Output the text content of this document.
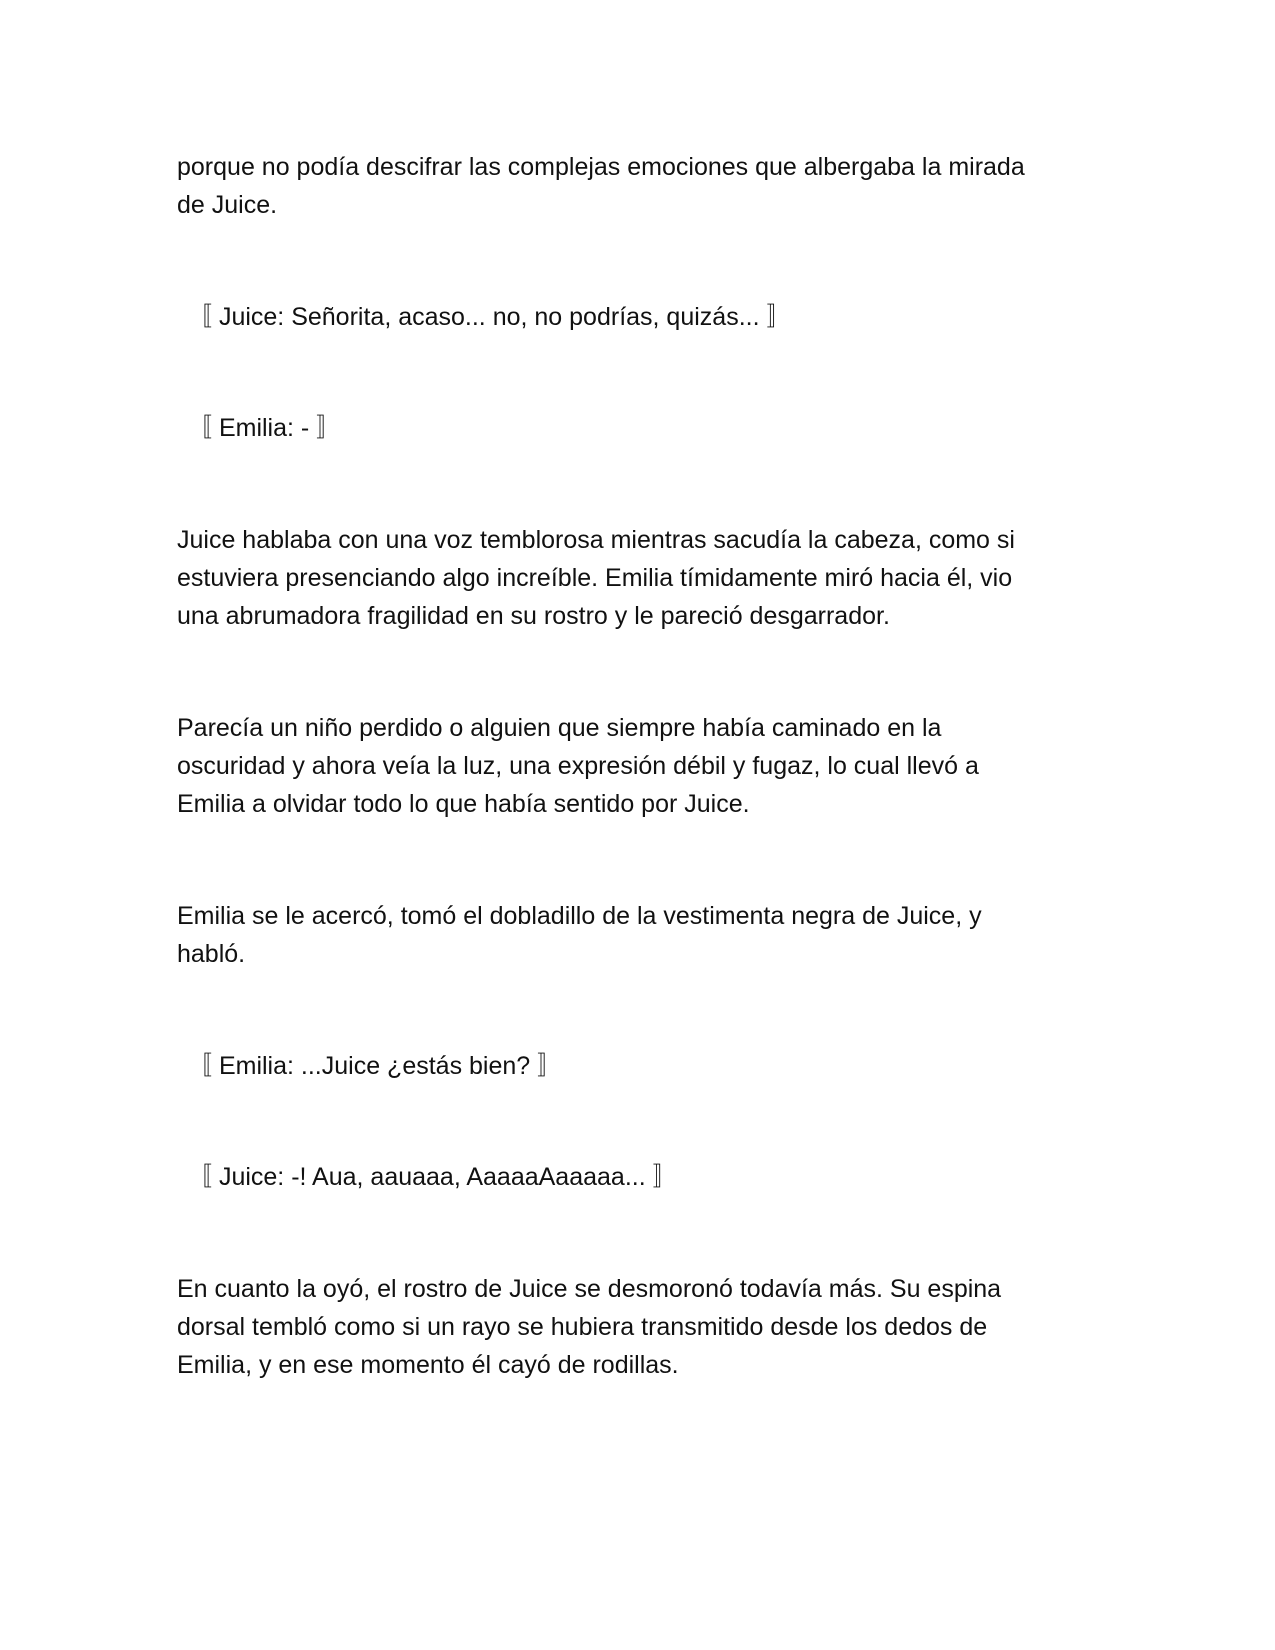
porque no podía descifrar las complejas emociones que albergaba la mirada
de Juice.

〚 Juice: Señorita, acaso... no, no podrías, quizás... 〛

〚 Emilia: - 〛

Juice hablaba con una voz temblorosa mientras sacudía la cabeza, como si
estuviera presenciando algo increíble. Emilia tímidamente miró hacia él, vio
una abrumadora fragilidad en su rostro y le pareció desgarrador.

Parecía un niño perdido o alguien que siempre había caminado en la
oscuridad y ahora veía la luz, una expresión débil y fugaz, lo cual llevó a
Emilia a olvidar todo lo que había sentido por Juice.

Emilia se le acercó, tomó el dobladillo de la vestimenta negra de Juice, y
habló.

〚 Emilia: ...Juice ¿estás bien? 〛

〚 Juice: -! Aua, aauaaa, AaaaaAaaaaa... 〛

En cuanto la oyó, el rostro de Juice se desmoronó todavía más. Su espina
dorsal tembló como si un rayo se hubiera transmitido desde los dedos de
Emilia, y en ese momento él cayó de rodillas.
